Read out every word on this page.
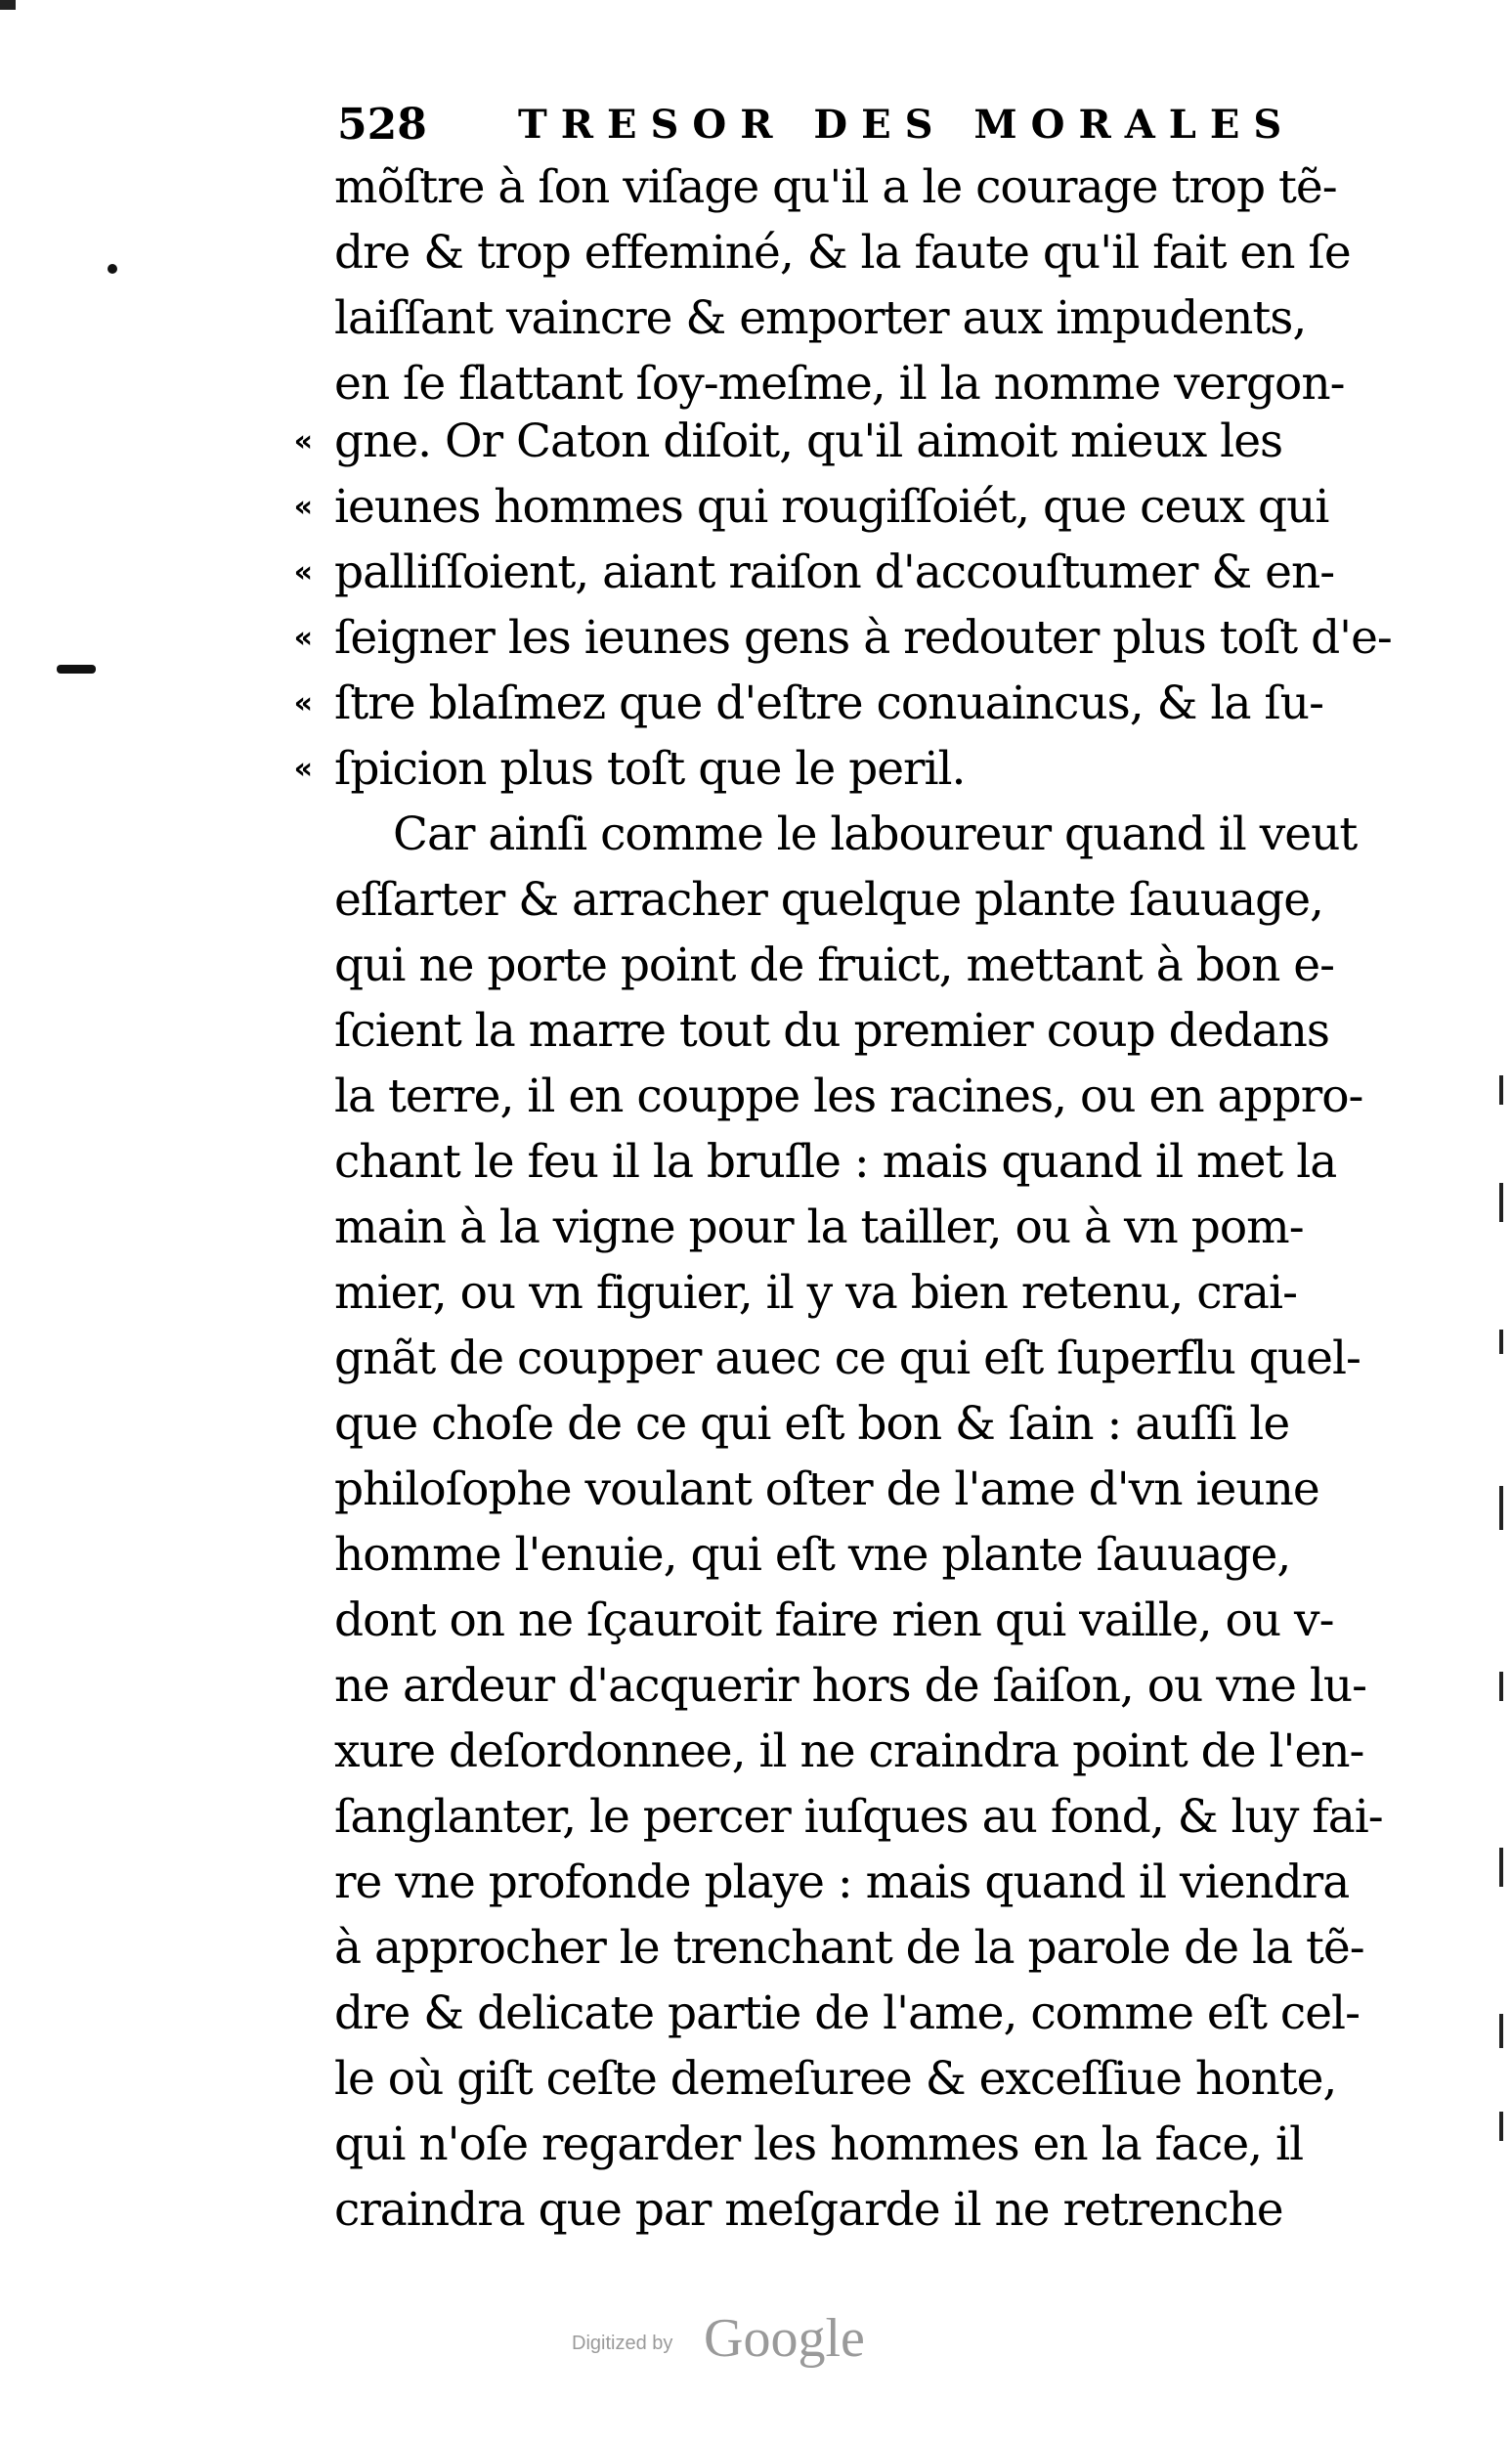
528 TRESOR DES MORALES
«
«
«
«
«
«
mõſtre à ſon viſage qu'il a le courage trop tẽ-
dre & trop effeminé, & la faute qu'il fait en ſe
laiſſant vaincre & emporter aux impudents,
en ſe flattant ſoy-meſme, il la nomme vergon-
gne. Or Caton diſoit, qu'il aimoit mieux les
ieunes hommes qui rougiſſoiét, que ceux qui
palliſſoient, aiant raiſon d'accouſtumer & en-
ſeigner les ieunes gens à redouter plus toſt d'e-
ſtre blaſmez que d'eſtre conuaincus, & la ſu-
ſpicion plus toſt que le peril.
Car ainſi comme le laboureur quand il veut
eſſarter & arracher quelque plante ſauuage,
qui ne porte point de fruict, mettant à bon e-
ſcient la marre tout du premier coup dedans
la terre, il en couppe les racines, ou en appro-
chant le feu il la bruſle : mais quand il met la
main à la vigne pour la tailler, ou à vn pom-
mier, ou vn figuier, il y va bien retenu, crai-
gnãt de coupper auec ce qui eſt ſuperflu quel-
que choſe de ce qui eſt bon & ſain : auſſi le
philoſophe voulant oſter de l'ame d'vn ieune
homme l'enuie, qui eſt vne plante ſauuage,
dont on ne ſçauroit faire rien qui vaille, ou v-
ne ardeur d'acquerir hors de ſaiſon, ou vne lu-
xure deſordonnee, il ne craindra point de l'en-
ſanglanter, le percer iuſques au fond, & luy fai-
re vne profonde playe : mais quand il viendra
à approcher le trenchant de la parole de la tẽ-
dre & delicate partie de l'ame, comme eſt cel-
le où giſt ceſte demeſuree & exceſſiue honte,
qui n'oſe regarder les hommes en la face, il
craindra que par meſgarde il ne retrenche
Digitized by Google
